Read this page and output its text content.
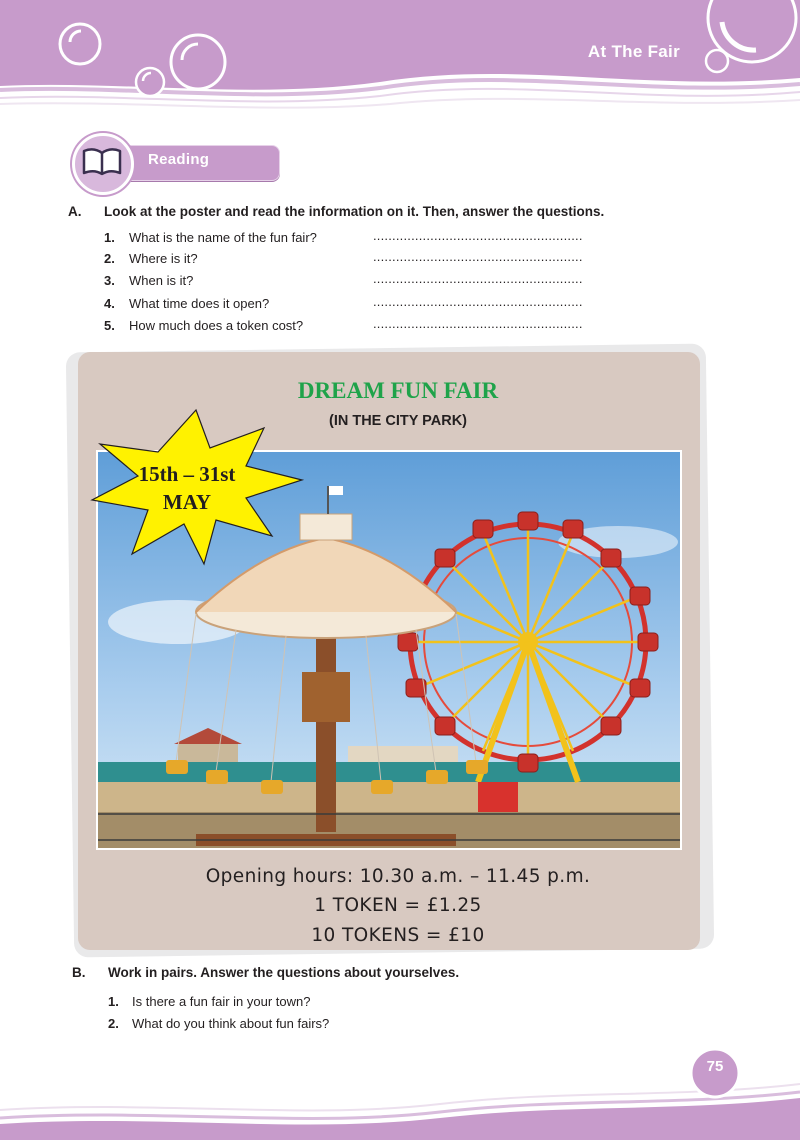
At The Fair
Reading
A. Look at the poster and read the information on it. Then, answer the questions.
1. What is the name of the fun fair?	.......................................................
2. Where is it?	.......................................................
3. When is it?	.......................................................
4. What time does it open?	.......................................................
5. How much does a token cost?	.......................................................
DREAM FUN FAIR
(IN THE CITY PARK)
15th – 31st
MAY
Opening hours: 10.30 a.m. – 11.45 p.m.
1 TOKEN = £1.25
10 TOKENS = £10
B. Work in pairs. Answer the questions about yourselves.
1. Is there a fun fair in your town?
2. What do you think about fun fairs?
75
